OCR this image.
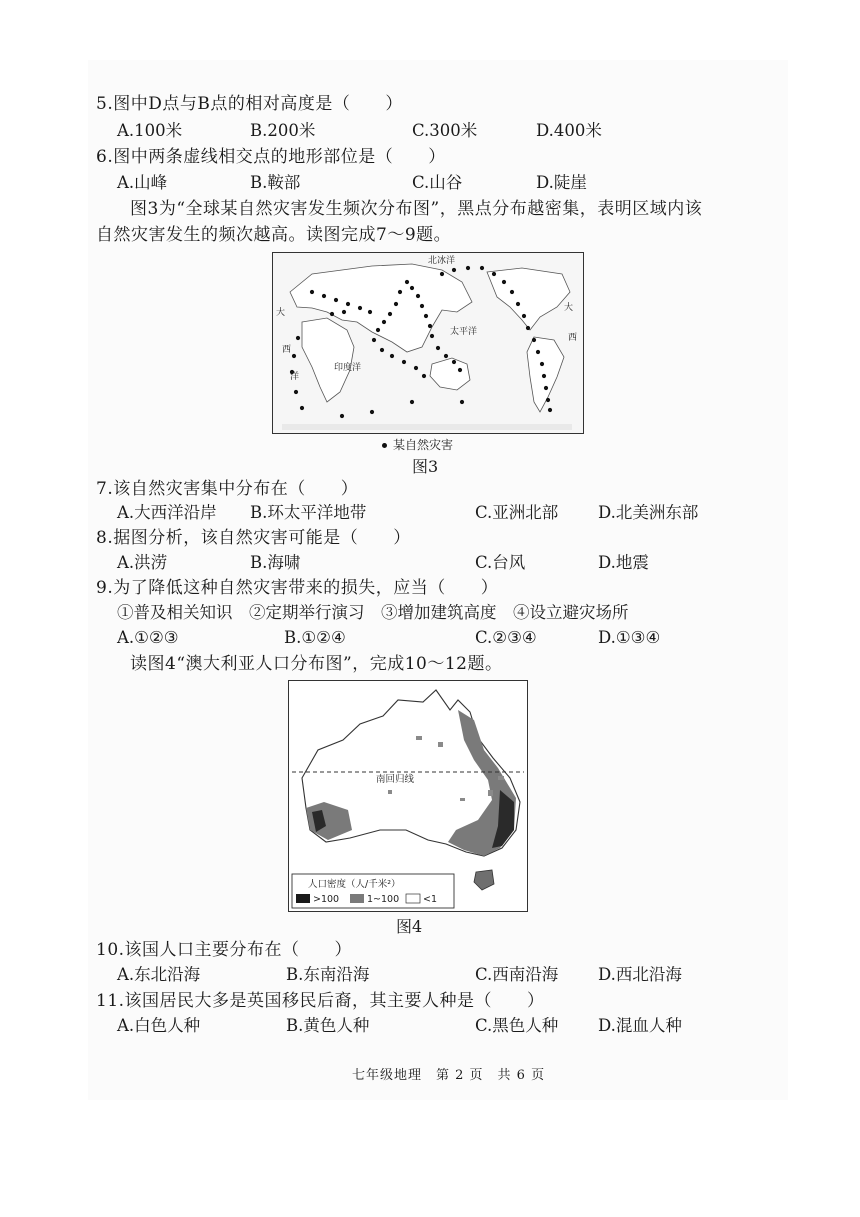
5.图中D点与B点的相对高度是（　　）
A.100米	B.200米	C.300米	D.400米
6.图中两条虚线相交点的地形部位是（　　）
A.山峰	B.鞍部	C.山谷	D.陡崖
图3为“全球某自然灾害发生频次分布图”，黑点分布越密集，表明区域内该
自然灾害发生的频次越高。读图完成7～9题。
北冰洋
大
西
洋
印度洋
太平洋
大
西
某自然灾害
图3
7.该自然灾害集中分布在（　　）
A.大西洋沿岸 B.环太平洋地带	C.亚洲北部 D.北美洲东部
8.据图分析，该自然灾害可能是（　　）
A.洪涝	B.海啸	C.台风	D.地震
9.为了降低这种自然灾害带来的损失，应当（　　）
①普及相关知识　②定期举行演习　③增加建筑高度　④设立避灾场所
A.①②③	B.①②④	C.②③④	D.①③④
读图4“澳大利亚人口分布图”，完成10～12题。
南回归线
人口密度（人/千米²）
>100	1~100	<1
图4
10.该国人口主要分布在（　　）
A.东北沿海	B.东南沿海	C.西南沿海 D.西北沿海
11.该国居民大多是英国移民后裔，其主要人种是（　　）
A.白色人种	B.黄色人种	C.黑色人种 D.混血人种
七年级地理　第 2 页　共 6 页
